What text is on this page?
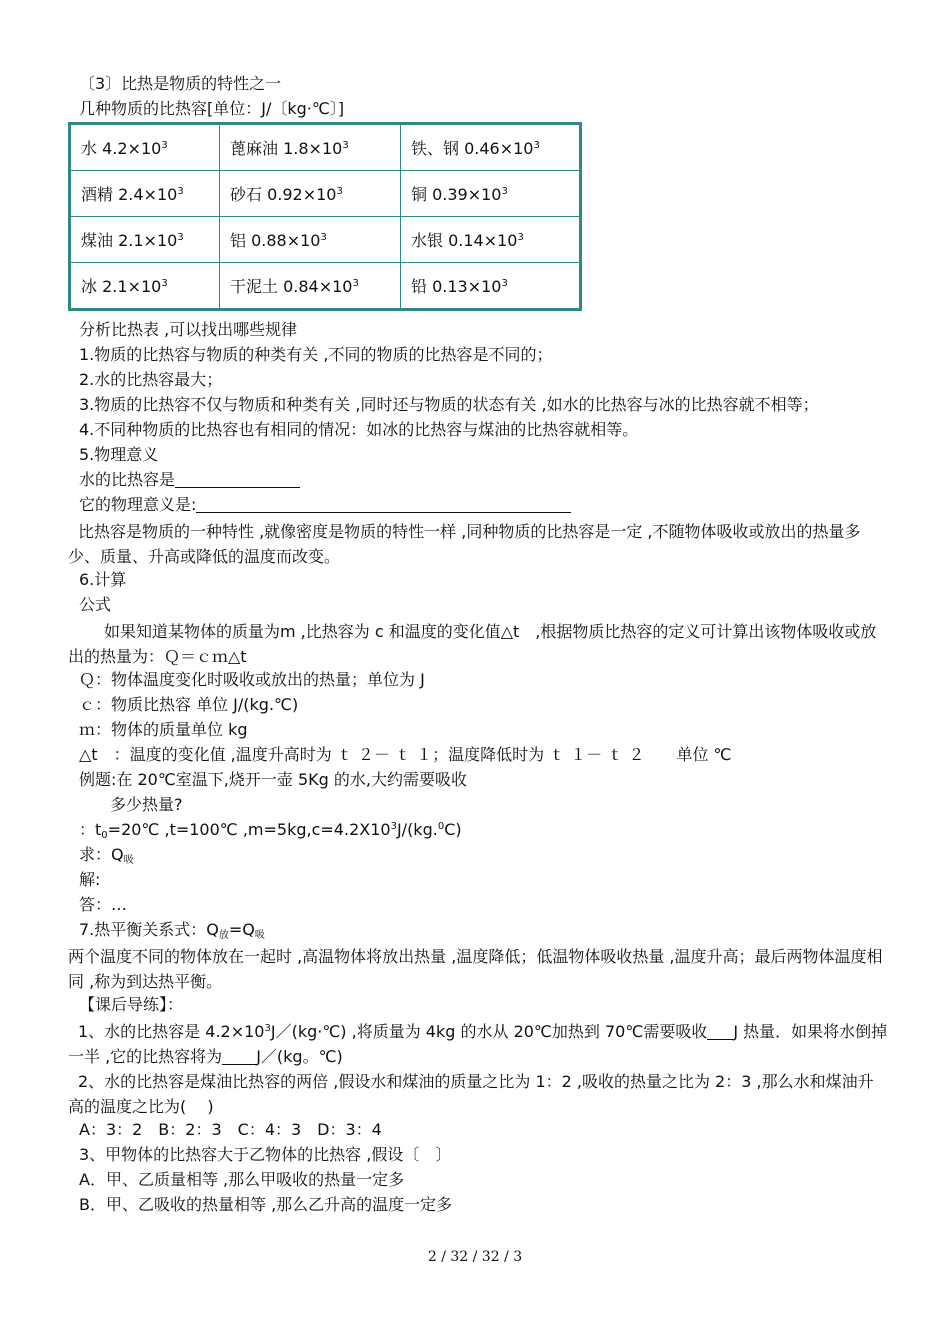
〔3〕比热是物质的特性之一
几种物质的比热容[单位：J/〔kg·℃〕]
水 $4.2\times 10^3$	蓖麻油 $1.8\times 10^3$	铁、钢 $0.46\times 10^3$
酒精 $2.4\times 10^3$	砂石 $0.92\times 10^3$	铜 $0.39\times 10^3$
煤油 $2.1\times 10^3$	铝 $0.88\times 10^3$	水银 $0.14\times 10^3$
冰 $2.1\times 10^3$	干泥土 $0.84\times 10^3$	铅 $0.13\times 10^3$
分析比热表 ,可以找出哪些规律
1.物质的比热容与物质的种类有关 ,不同的物质的比热容是不同的；
2.水的比热容最大；
3.物质的比热容不仅与物质和种类有关 ,同时还与物质的状态有关 ,如水的比热容与冰的比热容就不相等；
4.不同种物质的比热容也有相同的情况：如冰的比热容与煤油的比热容就相等。
5.物理意义
水的比热容是
它的物理意义是:
比热容是物质的一种特性 ,就像密度是物质的特性一样 ,同种物质的比热容是一定 ,不随物体吸收或放出的热量多少、质量、升高或降低的温度而改变。
6.计算
公式
如果知道某物体的质量为m ,比热容为 c 和温度的变化值△t　,根据物质比热容的定义可计算出该物体吸收或放出的热量为：Ｑ＝ｃｍ△t
Ｑ：物体温度变化时吸收或放出的热量；单位为 J
ｃ：物质比热容 单位 J/(kg.℃)
ｍ：物体的质量单位 kg
△t　：温度的变化值 ,温度升高时为 ｔ ２－ ｔ １；温度降低时为 ｔ １－ ｔ ２　　单位 ℃
例题:在 20℃室温下,烧开一壶 5Kg 的水,大约需要吸收
多少热量?
：t0=20℃ ,t=100℃ $,m=5kg,c=4.2X10^3J/(kg.^0C)$
求：Q吸
解:
答：…
7.热平衡关系式：Q放=Q吸
两个温度不同的物体放在一起时 ,高温物体将放出热量 ,温度降低；低温物体吸收热量 ,温度升高；最后两物体温度相同 ,称为到达热平衡。
【课后导练】：
1、水的比热容是 $4.2\times 10^3J/(kg\cdot℃)$ ,将质量为 4kg 的水从 20℃加热到 70℃需要吸收 J 热量．如果将水倒掉一半 ,它的比热容将为 J／(kg。℃)
2、水的比热容是煤油比热容的两倍 ,假设水和煤油的质量之比为 1：2 ,吸收的热量之比为 2：3 ,那么水和煤油升高的温度之比为(　 )
A：3：2　B：2：3　C：4：3　D：3：4
3、甲物体的比热容大于乙物体的比热容 ,假设〔　〕
A．甲、乙质量相等 ,那么甲吸收的热量一定多
B．甲、乙吸收的热量相等 ,那么乙升高的温度一定多
2 / 32 / 32 / 3
